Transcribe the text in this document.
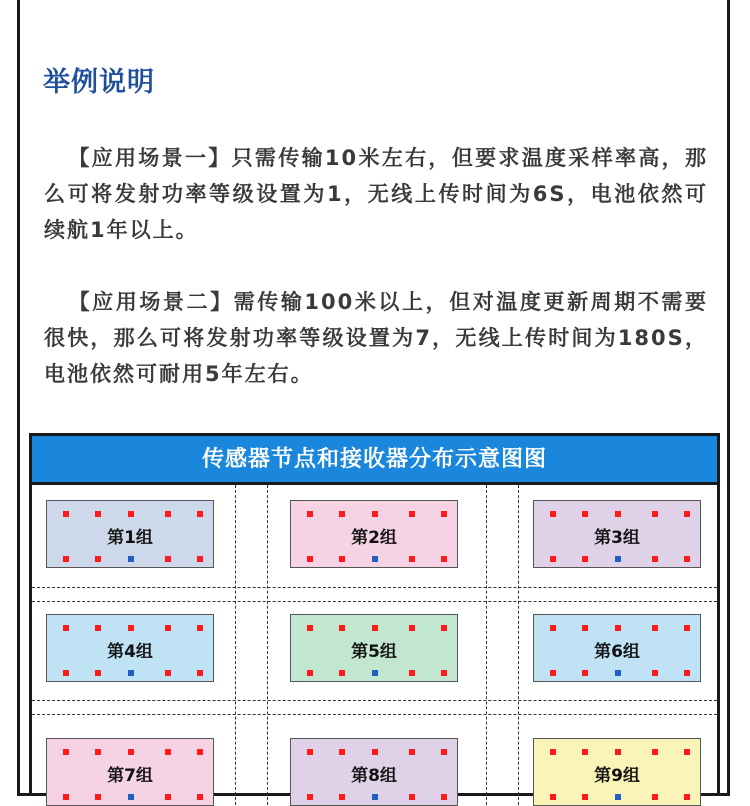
举例说明
【应用场景一】只需传输10米左右，但要求温度采样率高，那么可将发射功率等级设置为1，无线上传时间为6S，电池依然可续航1年以上。
【应用场景二】需传输100米以上，但对温度更新周期不需要很快，那么可将发射功率等级设置为7，无线上传时间为180S，电池依然可耐用5年左右。
传感器节点和接收器分布示意图图
第1组	第2组	第3组
第4组	第5组	第6组
第7组	第8组	第9组
